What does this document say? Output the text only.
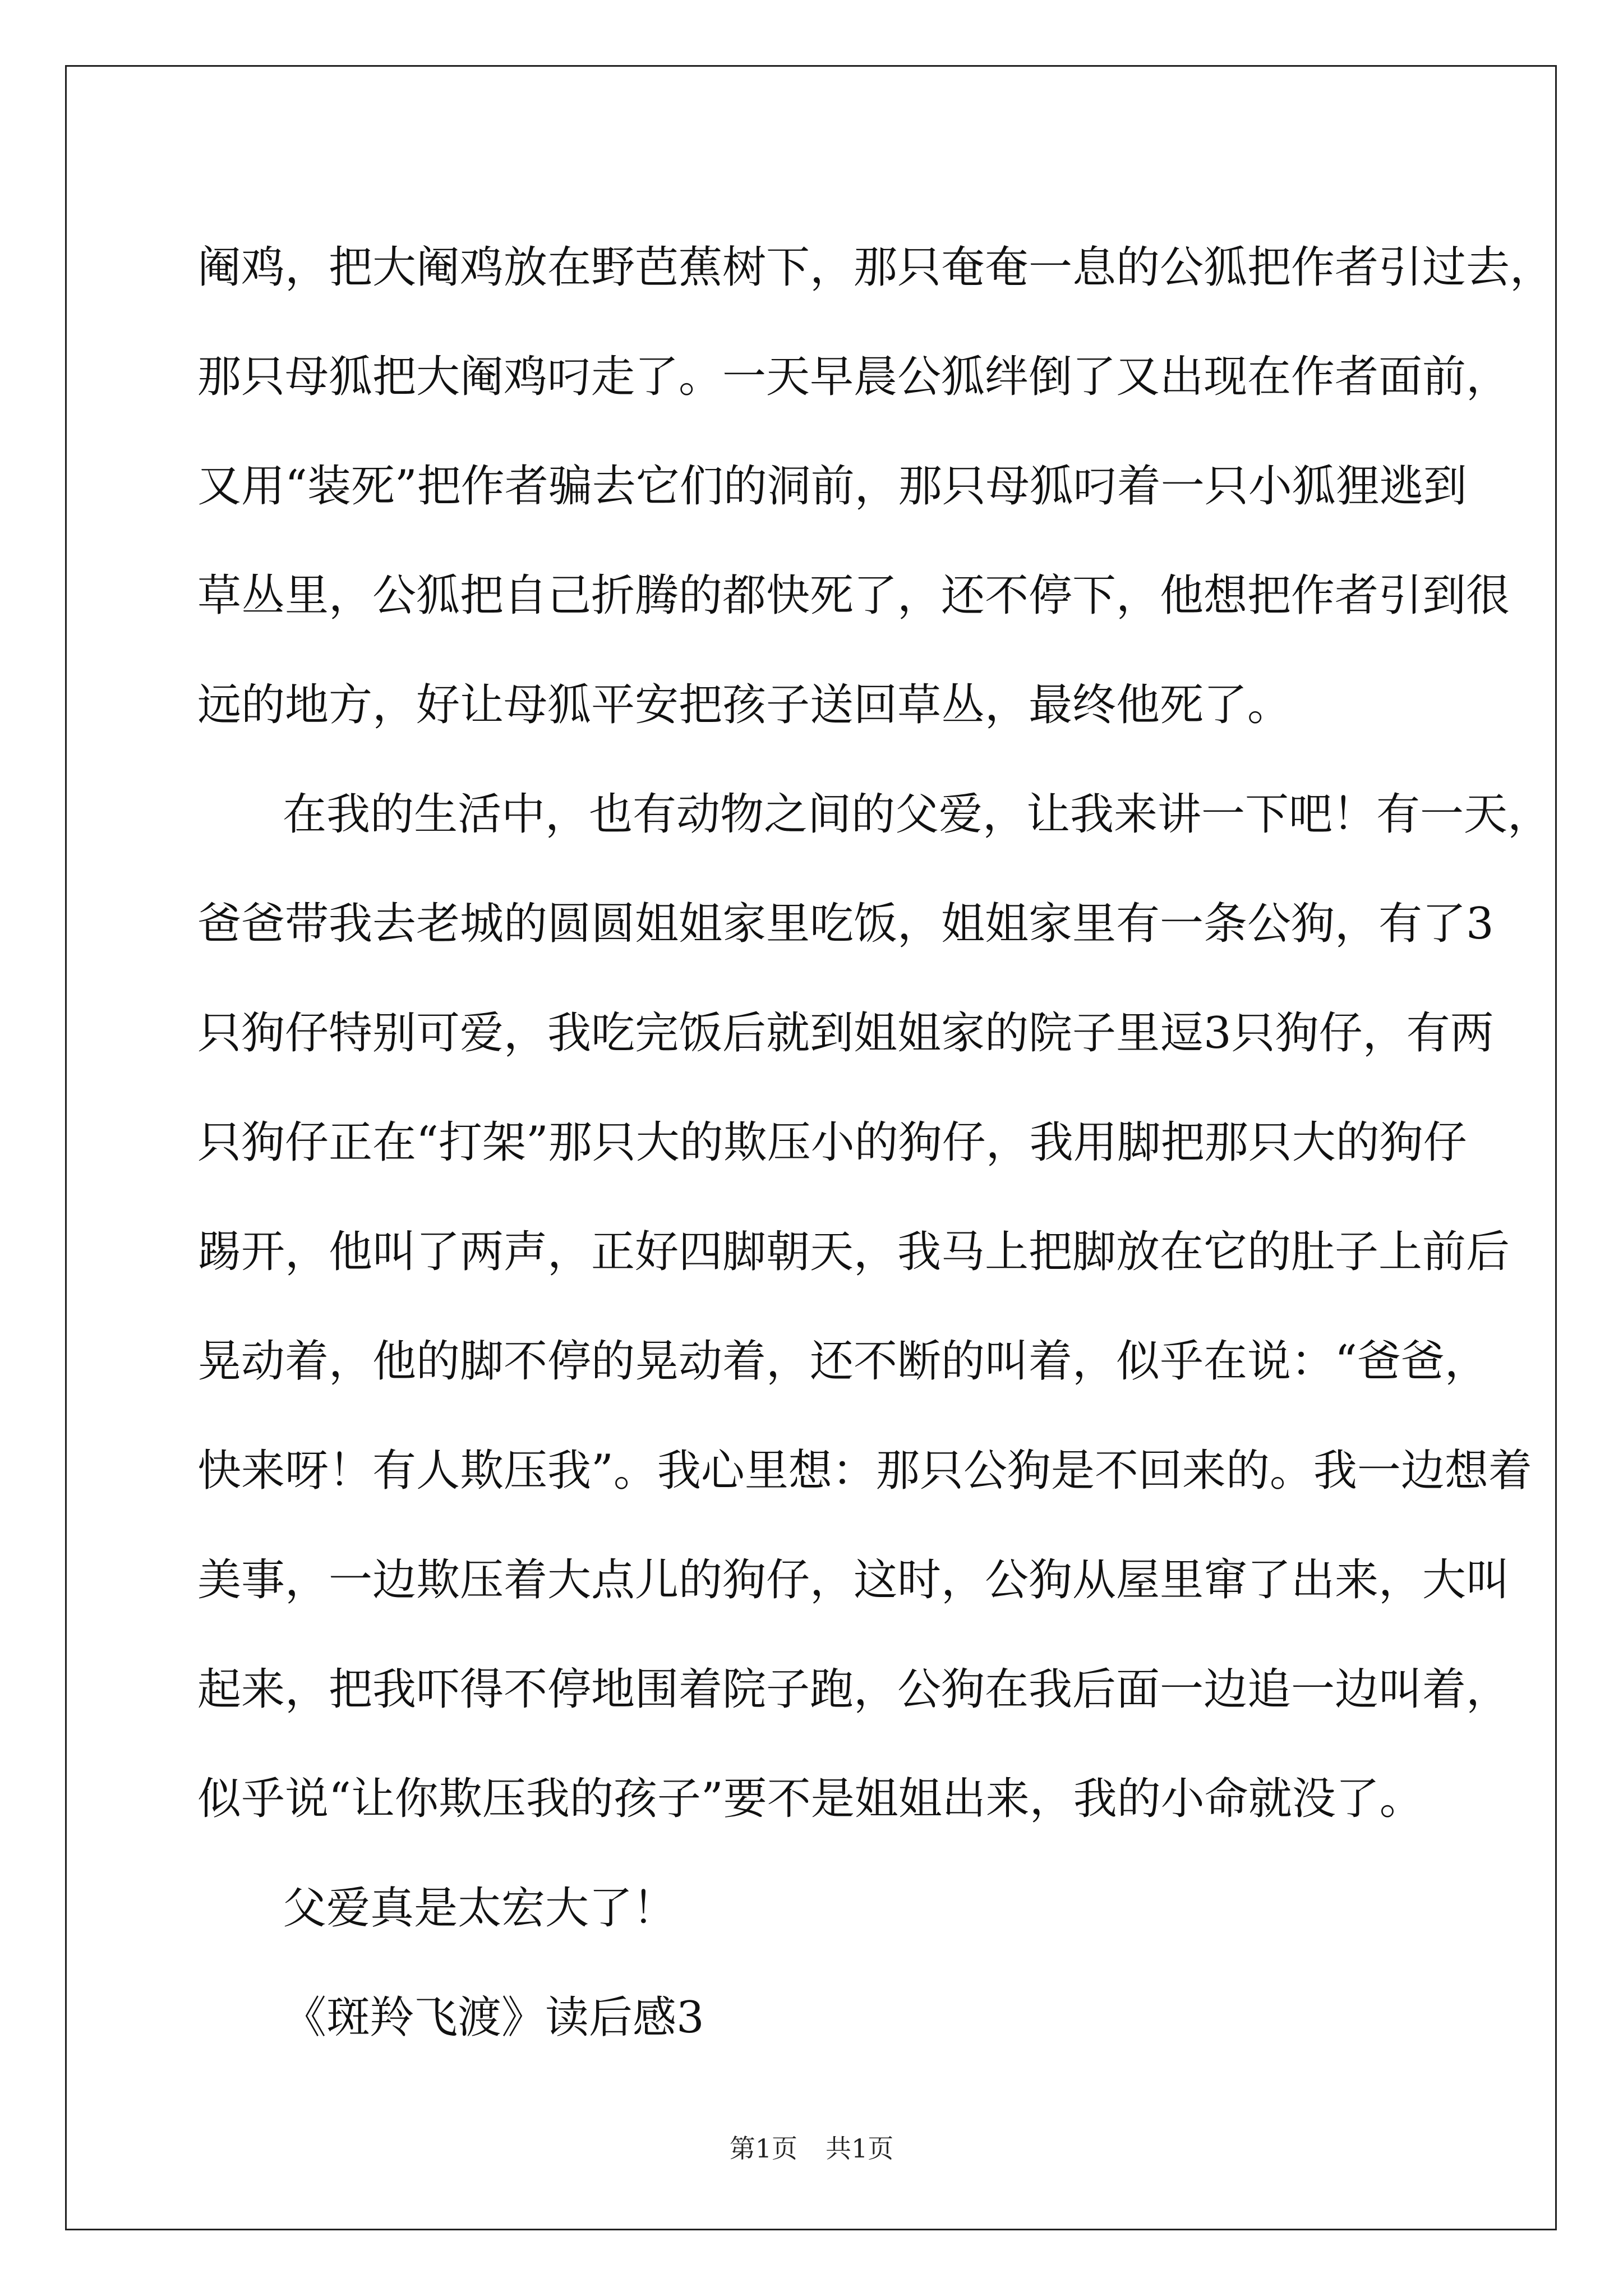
阉鸡，把大阉鸡放在野芭蕉树下，那只奄奄一息的公狐把作者引过去，
那只母狐把大阉鸡叼走了。一天早晨公狐绊倒了又出现在作者面前，
又用“装死”把作者骗去它们的洞前，那只母狐叼着一只小狐狸逃到
草丛里，公狐把自己折腾的都快死了，还不停下，他想把作者引到很
远的地方，好让母狐平安把孩子送回草丛，最终他死了。
在我的生活中，也有动物之间的父爱，让我来讲一下吧！有一天，
爸爸带我去老城的圆圆姐姐家里吃饭，姐姐家里有一条公狗，有了3
只狗仔特别可爱，我吃完饭后就到姐姐家的院子里逗3只狗仔，有两
只狗仔正在“打架”那只大的欺压小的狗仔，我用脚把那只大的狗仔
踢开，他叫了两声，正好四脚朝天，我马上把脚放在它的肚子上前后
晃动着，他的脚不停的晃动着，还不断的叫着，似乎在说：“爸爸，
快来呀！有人欺压我”。我心里想：那只公狗是不回来的。我一边想着
美事，一边欺压着大点儿的狗仔，这时，公狗从屋里窜了出来，大叫
起来，把我吓得不停地围着院子跑，公狗在我后面一边追一边叫着，
似乎说“让你欺压我的孩子”要不是姐姐出来，我的小命就没了。
父爱真是太宏大了！
《斑羚飞渡》读后感3
第1页 共1页
